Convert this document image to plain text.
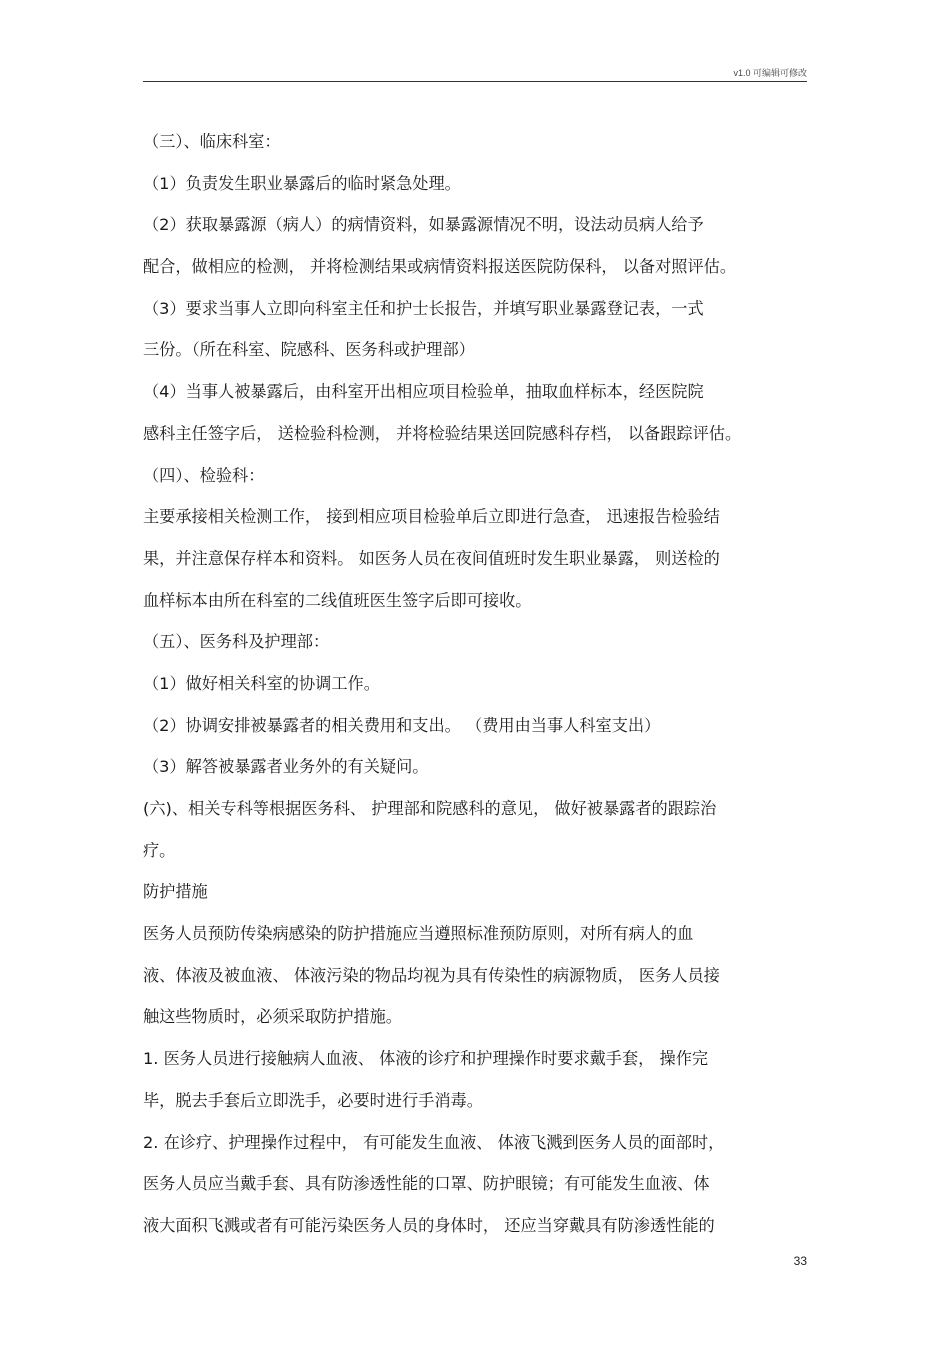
v1.0 可编辑可修改
（三）、临床科室：
（1）负责发生职业暴露后的临时紧急处理。
（2）获取暴露源（病人）的病情资料，如暴露源情况不明，设法动员病人给予
配合，做相应的检测， 并将检测结果或病情资料报送医院防保科， 以备对照评估。
（3）要求当事人立即向科室主任和护士长报告，并填写职业暴露登记表，一式
三份。（所在科室、院感科、医务科或护理部）
（4）当事人被暴露后，由科室开出相应项目检验单，抽取血样标本，经医院院
感科主任签字后， 送检验科检测， 并将检验结果送回院感科存档， 以备跟踪评估。
（四）、检验科：
主要承接相关检测工作， 接到相应项目检验单后立即进行急查， 迅速报告检验结
果，并注意保存样本和资料。 如医务人员在夜间值班时发生职业暴露， 则送检的
血样标本由所在科室的二线值班医生签字后即可接收。
（五）、医务科及护理部：
（1）做好相关科室的协调工作。
（2）协调安排被暴露者的相关费用和支出。 （费用由当事人科室支出）
（3）解答被暴露者业务外的有关疑问。
(六)、相关专科等根据医务科、 护理部和院感科的意见， 做好被暴露者的跟踪治
疗。
防护措施
医务人员预防传染病感染的防护措施应当遵照标准预防原则，对所有病人的血
液、体液及被血液、 体液污染的物品均视为具有传染性的病源物质， 医务人员接
触这些物质时，必须采取防护措施。
1. 医务人员进行接触病人血液、 体液的诊疗和护理操作时要求戴手套， 操作完
毕，脱去手套后立即洗手，必要时进行手消毒。
2. 在诊疗、护理操作过程中， 有可能发生血液、 体液飞溅到医务人员的面部时，
医务人员应当戴手套、具有防渗透性能的口罩、防护眼镜；有可能发生血液、体
液大面积飞溅或者有可能污染医务人员的身体时， 还应当穿戴具有防渗透性能的
33
